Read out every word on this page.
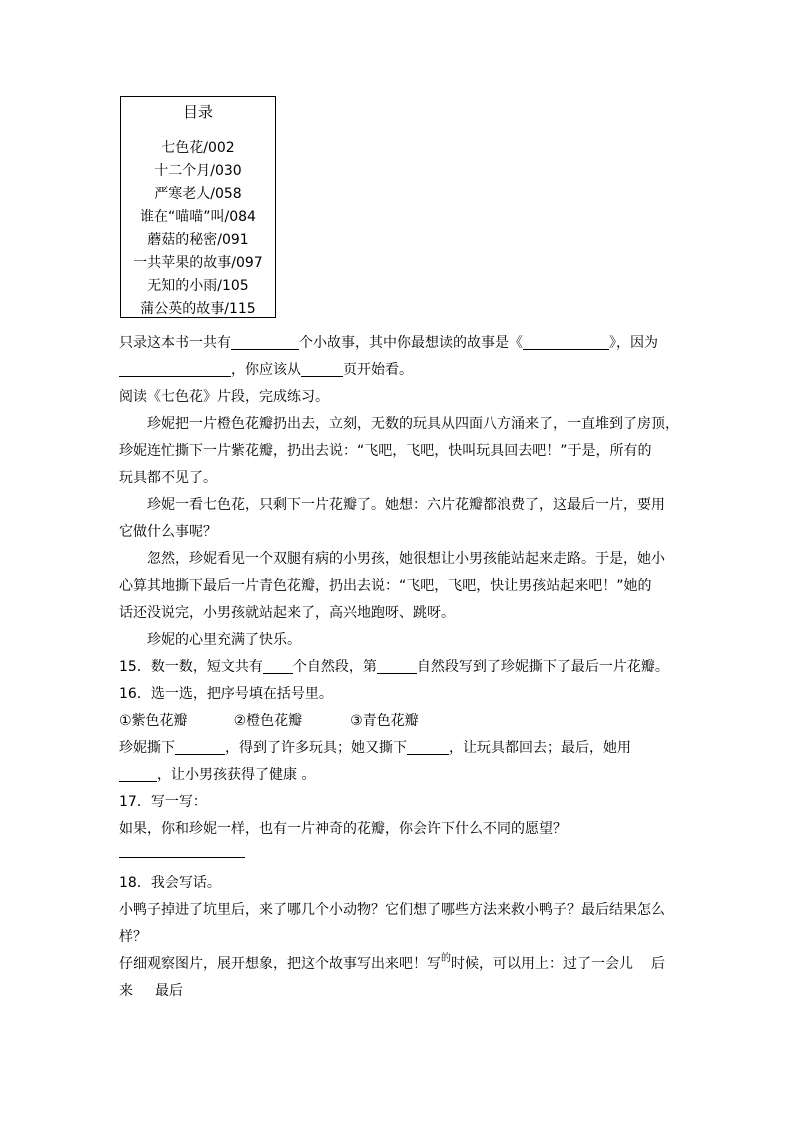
目录
七色花/002
十二个月/030
严寒老人/058
谁在“喵喵”叫/084
蘑菇的秘密/091
一共苹果的故事/097
无知的小雨/105
蒲公英的故事/115
只录这本书一共有	个小故事，其中你最想读的故事是《	》，因为
，你应该从	页开始看。
阅读《七色花》片段，完成练习。
珍妮把一片橙色花瓣扔出去，立刻，无数的玩具从四面八方涌来了，一直堆到了房顶，
珍妮连忙撕下一片紫花瓣，扔出去说：“飞吧，飞吧，快叫玩具回去吧！”于是，所有的
玩具都不见了。
珍妮一看七色花，只剩下一片花瓣了。她想：六片花瓣都浪费了，这最后一片，要用
它做什么事呢？
忽然，珍妮看见一个双腿有病的小男孩，她很想让小男孩能站起来走路。于是，她小
心算其地撕下最后一片青色花瓣，扔出去说：“飞吧，飞吧，快让男孩站起来吧！”她的
话还没说完，小男孩就站起来了，高兴地跑呀、跳呀。
珍妮的心里充满了快乐。
15．数一数，短文共有 个自然段，第	自然段写到了珍妮撕下了最后一片花瓣。
16．选一选，把序号填在括号里。
①紫色花瓣	②橙色花瓣	③青色花瓣
珍妮撕下	，得到了许多玩具；她又撕下	，让玩具都回去；最后，她用
，让小男孩获得了健康 。
17．写一写：
如果，你和珍妮一样，也有一片神奇的花瓣，你会许下什么不同的愿望？
18．我会写话。
小鸭子掉进了坑里后，来了哪几个小动物？它们想了哪些方法来救小鸭子？最后结果怎么
样？
仔细观察图片，展开想象，把这个故事写出来吧！写$^的$时候，可以用上：过了一会儿 后
来 最后
